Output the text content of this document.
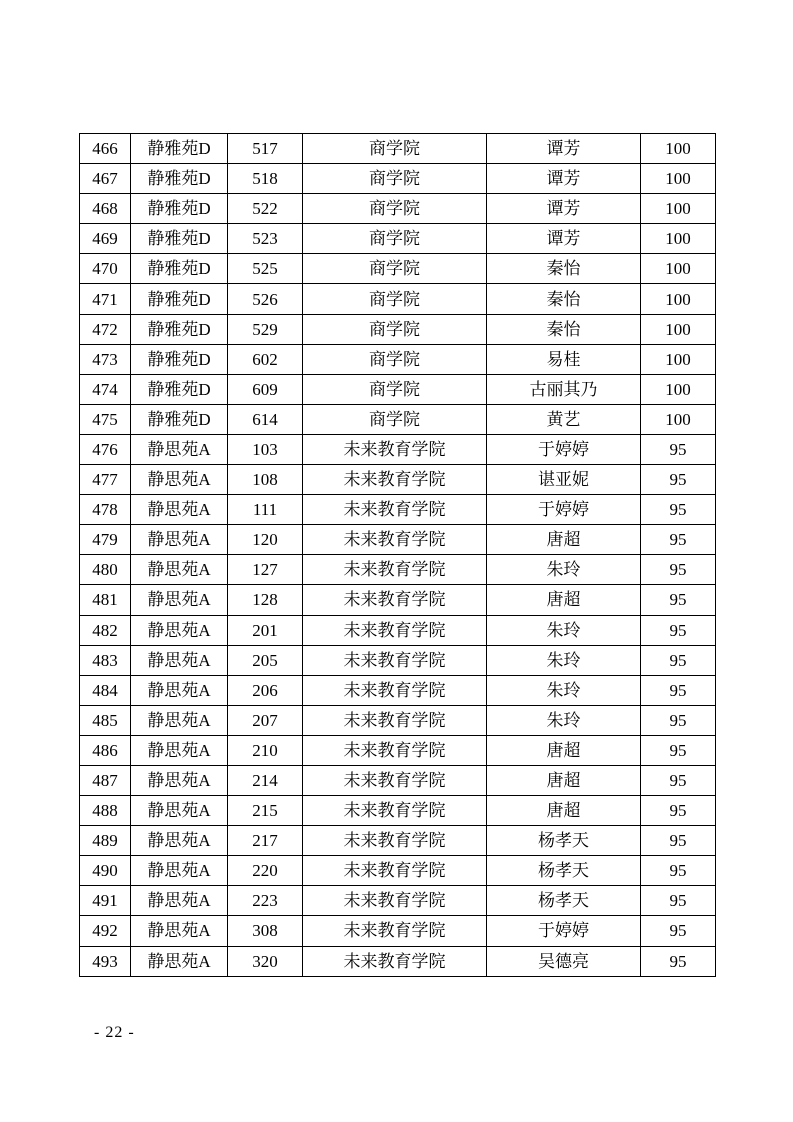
466	静雅苑D	517	商学院	谭芳	100
467	静雅苑D	518	商学院	谭芳	100
468	静雅苑D	522	商学院	谭芳	100
469	静雅苑D	523	商学院	谭芳	100
470	静雅苑D	525	商学院	秦怡	100
471	静雅苑D	526	商学院	秦怡	100
472	静雅苑D	529	商学院	秦怡	100
473	静雅苑D	602	商学院	易桂	100
474	静雅苑D	609	商学院	古丽其乃	100
475	静雅苑D	614	商学院	黄艺	100
476	静思苑A	103	未来教育学院	于婷婷	95
477	静思苑A	108	未来教育学院	谌亚妮	95
478	静思苑A	111	未来教育学院	于婷婷	95
479	静思苑A	120	未来教育学院	唐超	95
480	静思苑A	127	未来教育学院	朱玲	95
481	静思苑A	128	未来教育学院	唐超	95
482	静思苑A	201	未来教育学院	朱玲	95
483	静思苑A	205	未来教育学院	朱玲	95
484	静思苑A	206	未来教育学院	朱玲	95
485	静思苑A	207	未来教育学院	朱玲	95
486	静思苑A	210	未来教育学院	唐超	95
487	静思苑A	214	未来教育学院	唐超	95
488	静思苑A	215	未来教育学院	唐超	95
489	静思苑A	217	未来教育学院	杨孝天	95
490	静思苑A	220	未来教育学院	杨孝天	95
491	静思苑A	223	未来教育学院	杨孝天	95
492	静思苑A	308	未来教育学院	于婷婷	95
493	静思苑A	320	未来教育学院	吴德亮	95
- 22 -
